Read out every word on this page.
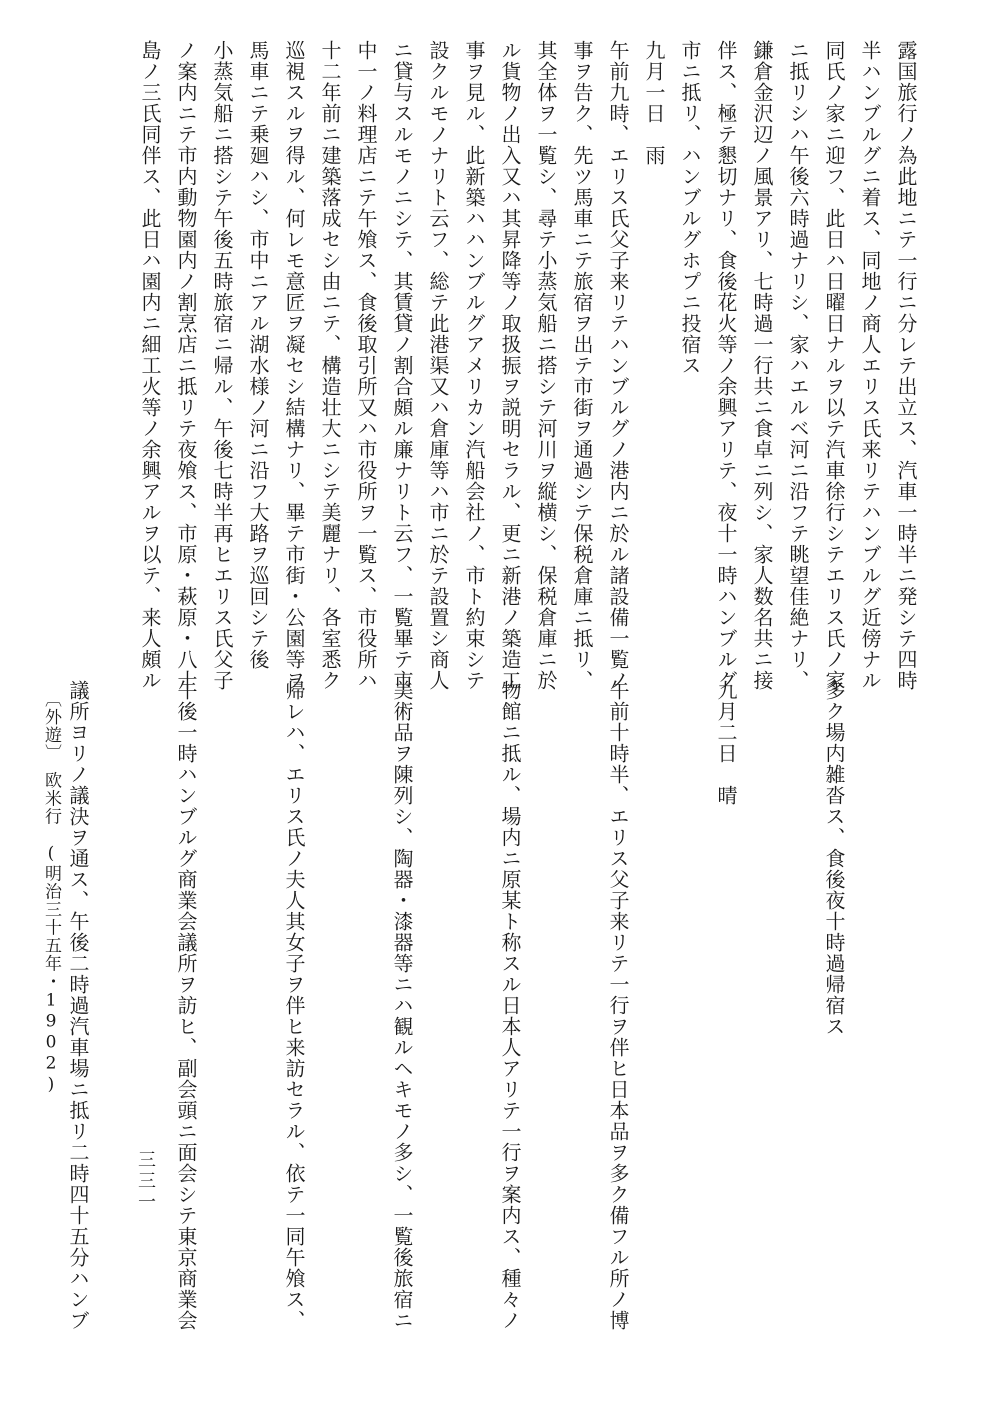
露国旅行ノ為此地ニテ一行ニ分レテ出立ス、汽車一時半ニ発シテ四時
半ハンブルグニ着ス、同地ノ商人エリス氏来リテハンブルグ近傍ナル
同氏ノ家ニ迎フ、此日ハ日曜日ナルヲ以テ汽車徐行シテエリス氏ノ家
ニ抵リシハ午後六時過ナリシ、家ハエルベ河ニ沿フテ眺望佳絶ナリ、
鎌倉金沢辺ノ風景アリ、七時過一行共ニ食卓ニ列シ、家人数名共ニ接
伴ス、極テ懇切ナリ、食後花火等ノ余興アリテ、夜十一時ハンブルグ
市ニ抵リ、ハンブルグホプニ投宿ス
九月一日　雨
午前九時、エリス氏父子来リテハンブルグノ港内ニ於ル諸設備一覧ノ
事ヲ告ク、先ツ馬車ニテ旅宿ヲ出テ市街ヲ通過シテ保税倉庫ニ抵リ、
其全体ヲ一覧シ、尋テ小蒸気船ニ搭シテ河川ヲ縦横シ、保税倉庫ニ於
ル貨物ノ出入又ハ其昇降等ノ取扱振ヲ説明セラル、更ニ新港ノ築造工
事ヲ見ル、此新築ハハンブルグアメリカン汽船会社ノ、市ト約束シテ
設クルモノナリト云フ、総テ此港渠又ハ倉庫等ハ市ニ於テ設置シ商人
ニ貸与スルモノニシテ、其賃貸ノ割合頗ル廉ナリト云フ、一覧畢テ市
中一ノ料理店ニテ午飧ス、食後取引所又ハ市役所ヲ一覧ス、市役所ハ
十二年前ニ建築落成セシ由ニテ、構造壮大ニシテ美麗ナリ、各室悉ク
巡視スルヲ得ル、何レモ意匠ヲ凝セシ結構ナリ、畢テ市街・公園等ヲ
馬車ニテ乗廻ハシ、市中ニアル湖水様ノ河ニ沿フ大路ヲ巡回シテ後
小蒸気船ニ搭シテ午後五時旅宿ニ帰ル、午後七時半再ヒエリス氏父子
ノ案内ニテ市内動物園内ノ割烹店ニ抵リテ夜飧ス、市原・萩原・八十
島ノ三氏同伴ス、此日ハ園内ニ細工火等ノ余興アルヲ以テ、来人頗ル

多ク場内雑沓ス、食後夜十時過帰宿ス

九月二日　晴

午前十時半、エリス父子来リテ一行ヲ伴ヒ日本品ヲ多ク備フル所ノ博

物館ニ抵ル、場内ニ原某ト称スル日本人アリテ一行ヲ案内ス、種々ノ

美術品ヲ陳列シ、陶器・漆器等ニハ観ルヘキモノ多シ、一覧後旅宿ニ

帰レハ、エリス氏ノ夫人其女子ヲ伴ヒ来訪セラル、依テ一同午飧ス、

午後一時ハンブルグ商業会議所ヲ訪ヒ、副会頭ニ面会シテ東京商業会

議所ヨリノ議決ヲ通ス、午後二時過汽車場ニ抵リ二時四十五分ハンブ

〔外遊〕　欧米行　(明治三十五年・1902)
三三一
